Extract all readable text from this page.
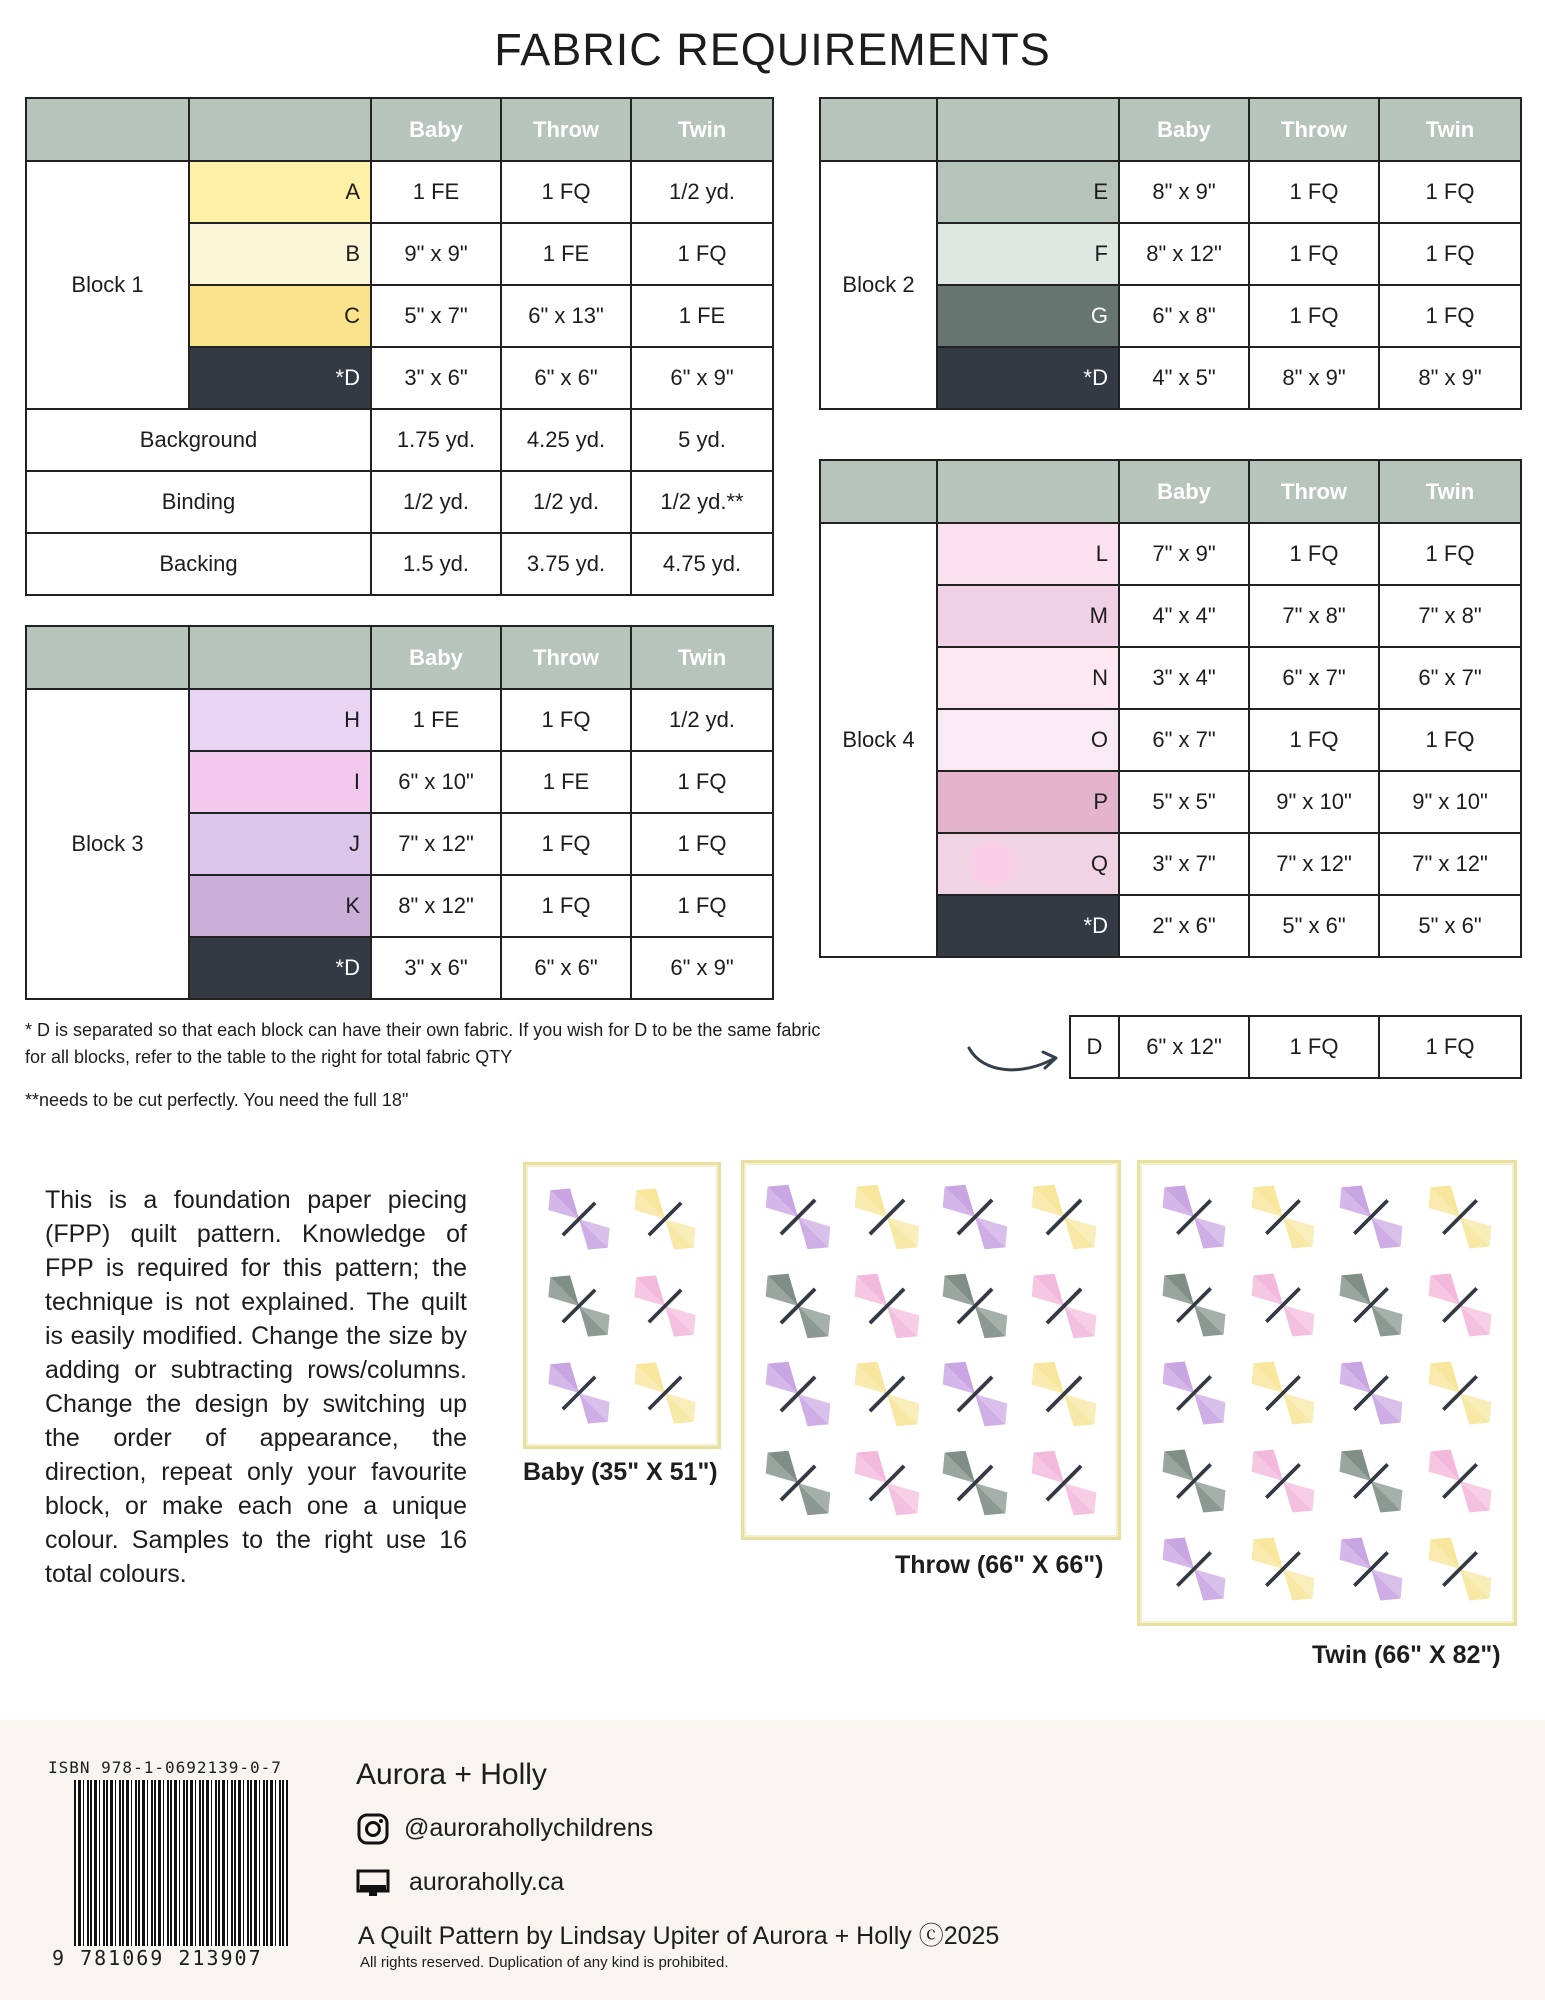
FABRIC REQUIREMENTS
		Baby	Throw	Twin
Block 1	A	1 FE	1 FQ	1/2 yd.
	B	9" x 9"	1 FE	1 FQ
	C	5" x 7"	6" x 13"	1 FE
	*D	3" x 6"	6" x 6"	6" x 9"
Background		1.75 yd.	4.25 yd.	5 yd.
Binding		1/2 yd.	1/2 yd.	1/2 yd.**
Backing		1.5 yd.	3.75 yd.	4.75 yd.
		Baby	Throw	Twin
Block 3	H	1 FE	1 FQ	1/2 yd.
	I	6" x 10"	1 FE	1 FQ
	J	7" x 12"	1 FQ	1 FQ
	K	8" x 12"	1 FQ	1 FQ
	*D	3" x 6"	6" x 6"	6" x 9"
		Baby	Throw	Twin
Block 2	E	8" x 9"	1 FQ	1 FQ
	F	8" x 12"	1 FQ	1 FQ
	G	6" x 8"	1 FQ	1 FQ
	*D	4" x 5"	8" x 9"	8" x 9"
		Baby	Throw	Twin
Block 4	L	7" x 9"	1 FQ	1 FQ
	M	4" x 4"	7" x 8"	7" x 8"
	N	3" x 4"	6" x 7"	6" x 7"
	O	6" x 7"	1 FQ	1 FQ
	P	5" x 5"	9" x 10"	9" x 10"
	Q	3" x 7"	7" x 12"	7" x 12"
	*D	2" x 6"	5" x 6"	5" x 6"
D	6" x 12"	1 FQ	1 FQ
* D is separated so that each block can have their own fabric. If you wish for D to be the same fabric
for all blocks, refer to the table to the right for total fabric QTY
**needs to be cut perfectly. You need the full 18"
This is a foundation paper piecing (FPP) quilt pattern. Knowledge of FPP is required for this pattern; the technique is not explained. The quilt is easily modified. Change the size by adding or subtracting rows/columns. Change the design by switching up the order of appearance, the direction, repeat only your favourite block, or make each one a unique colour. Samples to the right use 16 total colours.
Baby (35" X 51")
Throw (66" X 66")
Twin (66" X 82")
ISBN 978-1-0692139-0-7
9 781069 213907
Aurora + Holly
@auroraholly​childrens
auroraholly.ca
A Quilt Pattern by Lindsay Upiter of Aurora + Holly ⓒ2025
All rights reserved. Duplication of any kind is prohibited.
